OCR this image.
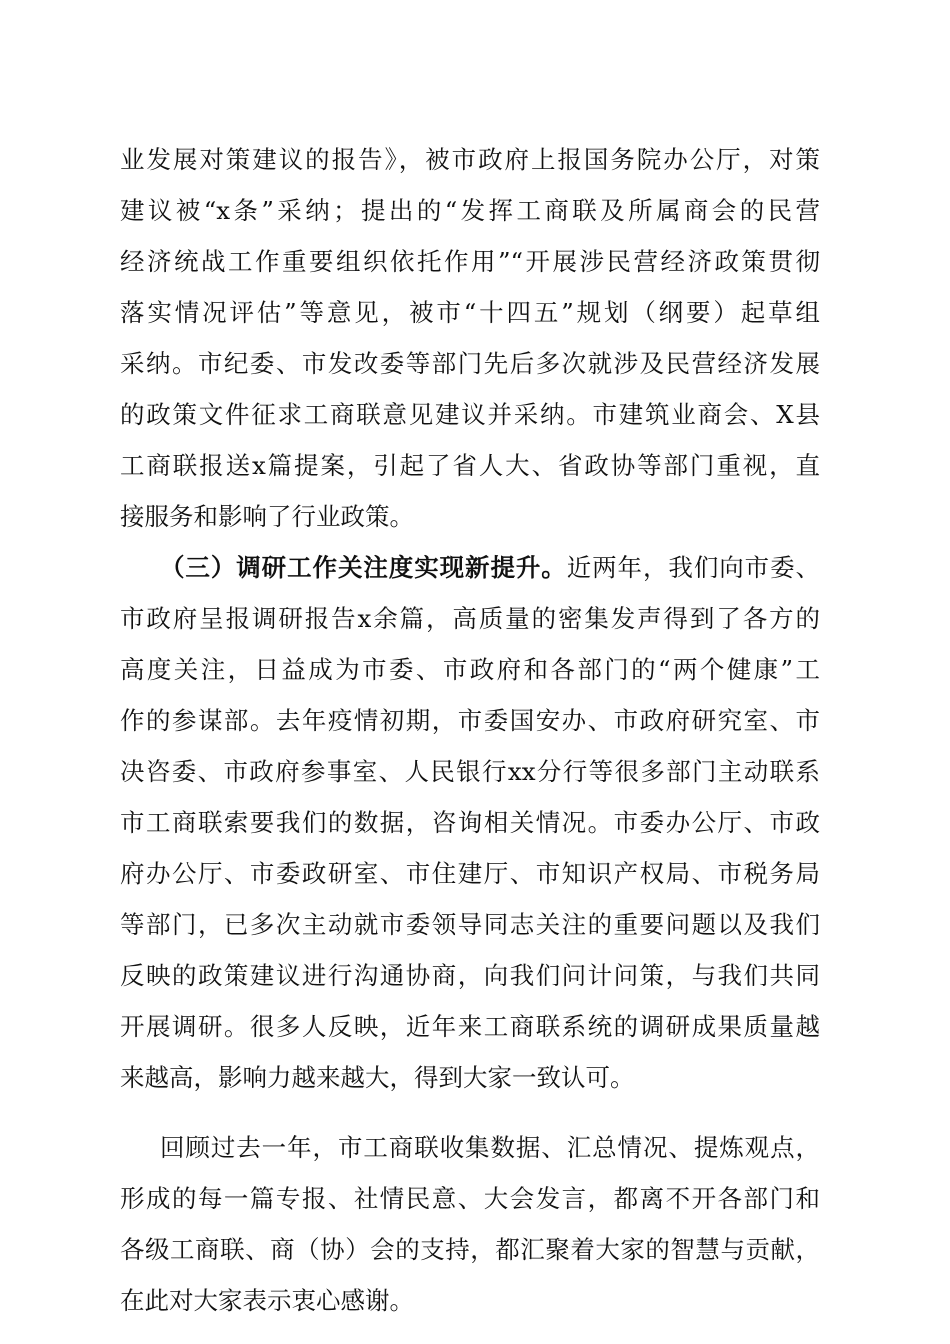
业发展对策建议的报告》，被市政府上报国务院办公厅，对策
建议被“x条”采纳；提出的“发挥工商联及所属商会的民营
经济统战工作重要组织依托作用”“开展涉民营经济政策贯彻
落实情况评估”等意见，被市“十四五”规划（纲要）起草组
采纳。市纪委、市发改委等部门先后多次就涉及民营经济发展
的政策文件征求工商联意见建议并采纳。市建筑业商会、X县
工商联报送x篇提案，引起了省人大、省政协等部门重视，直
接服务和影响了行业政策。
（三）调研工作关注度实现新提升。近两年，我们向市委、
市政府呈报调研报告x余篇，高质量的密集发声得到了各方的
高度关注，日益成为市委、市政府和各部门的“两个健康”工
作的参谋部。去年疫情初期，市委国安办、市政府研究室、市
决咨委、市政府参事室、人民银行xx分行等很多部门主动联系
市工商联索要我们的数据，咨询相关情况。市委办公厅、市政
府办公厅、市委政研室、市住建厅、市知识产权局、市税务局
等部门，已多次主动就市委领导同志关注的重要问题以及我们
反映的政策建议进行沟通协商，向我们问计问策，与我们共同
开展调研。很多人反映，近年来工商联系统的调研成果质量越
来越高，影响力越来越大，得到大家一致认可。
回顾过去一年，市工商联收集数据、汇总情况、提炼观点，
形成的每一篇专报、社情民意、大会发言，都离不开各部门和
各级工商联、商（协）会的支持，都汇聚着大家的智慧与贡献，
在此对大家表示衷心感谢。
